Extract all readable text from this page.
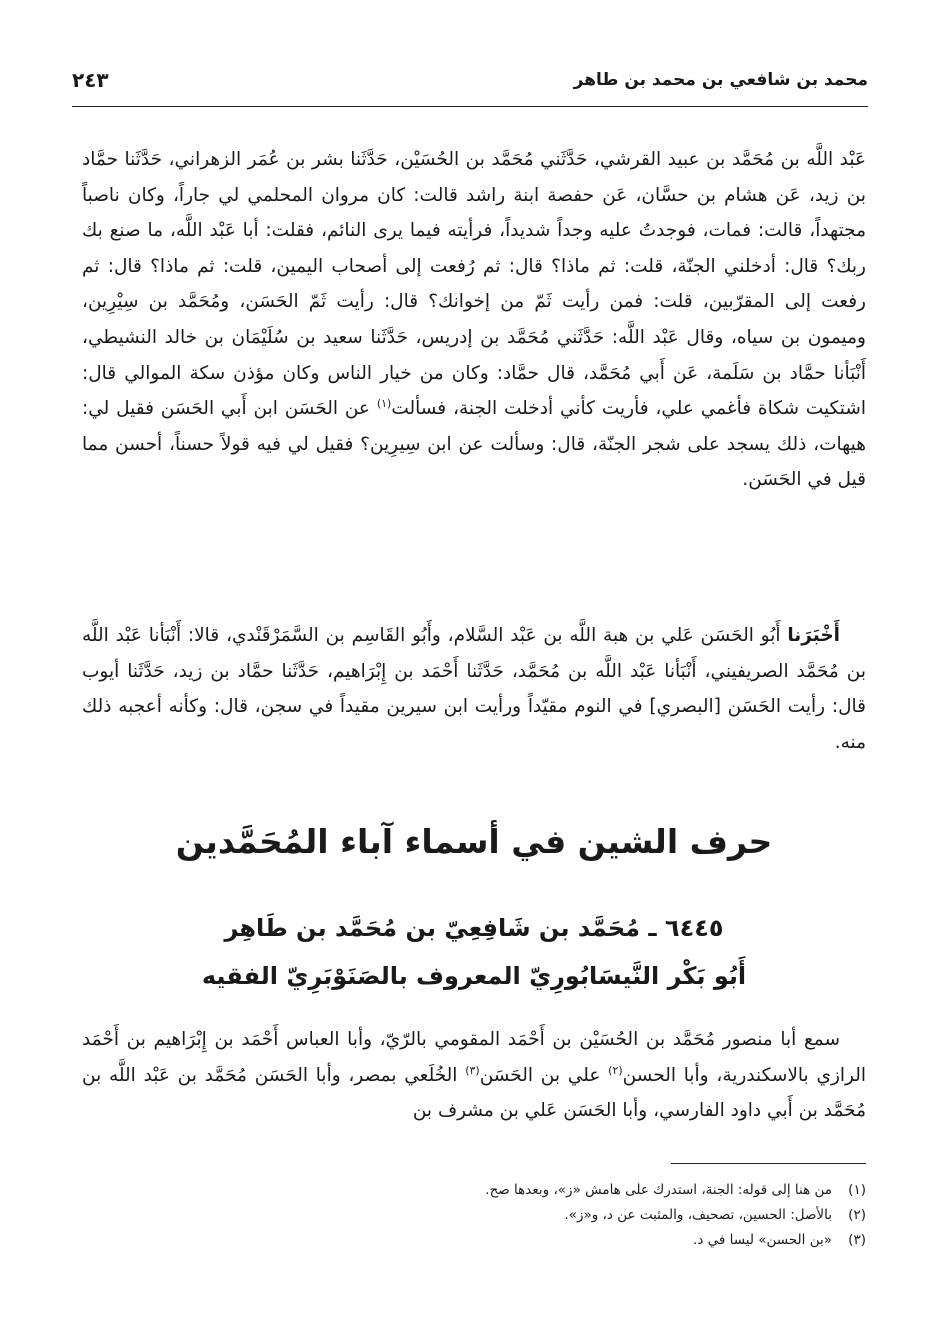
محمد بن شافعي بن محمد بن طاهر
٢٤٣

عَبْد اللَّه بن مُحَمَّد بن عبيد القرشي، حَدَّثَني مُحَمَّد بن الحُسَيْن، حَدَّثَنا بشر بن عُمَر الزهراني، حَدَّثَنا حمَّاد بن زيد، عَن هشام بن حسَّان، عَن حفصة ابنة راشد قالت: كان مروان المحلمي لي جاراً، وكان ناصباً مجتهداً، قالت: فمات، فوجدتُ عليه وجداً شديداً، فرأيته فيما يرى النائم، فقلت: أبا عَبْد اللَّه، ما صنع بك ربك؟ قال: أدخلني الجنّة، قلت: ثم ماذا؟ قال: ثم رُفعت إلى أصحاب اليمين، قلت: ثم ماذا؟ قال: ثم رفعت إلى المقرّبين، قلت: فمن رأيت ثَمّ من إخوانك؟ قال: رأيت ثَمّ الحَسَن، ومُحَمَّد بن سِيْرِين، وميمون بن سياه، وقال عَبْد اللَّه: حَدَّثَني مُحَمَّد بن إدريس، حَدَّثَنا سعيد بن سُلَيْمَان بن خالد النشيطي، أَنْبَأنا حمَّاد بن سَلَمة، عَن أَبي مُحَمَّد، قال حمَّاد: وكان من خيار الناس وكان مؤذن سكة الموالي قال: اشتكيت شكاة فأغمي علي، فأريت كأني أدخلت الجنة، فسألت$^{(١)}$ عن الحَسَن ابن أَبي الحَسَن فقيل لي: هيهات، ذلك يسجد على شجر الجنّة، قال: وسألت عن ابن سِيرِين؟ فقيل لي فيه قولاً حسناً، أحسن مما قيل في الحَسَن.

أَخْبَرَنا أَبُو الحَسَن عَلي بن هبة اللَّه بن عَبْد السَّلام، وأَبُو القَاسِم بن السَّمَرْقَنْدي، قالا: أَنْبَأنا عَبْد اللَّه بن مُحَمَّد الصريفيني، أَنْبَأنا عَبْد اللَّه بن مُحَمَّد، حَدَّثَنا أَحْمَد بن إِبْرَاهيم، حَدَّثَنا حمَّاد بن زيد، حَدَّثَنا أيوب قال: رأيت الحَسَن [البصري] في النوم مقيّداً ورأيت ابن سيرين مقيداً في سجن، قال: وكأنه أعجبه ذلك منه.

حرف الشين في أسماء آباء المُحَمَّدين
٦٤٤٥ ـ مُحَمَّد بن شَافِعِيّ بن مُحَمَّد بن طَاهِر
أَبُو بَكْر النَّيسَابُورِيّ المعروف بالصَنَوْبَرِيّ الفقيه

سمع أبا منصور مُحَمَّد بن الحُسَيْن بن أَحْمَد المقومي بالرّيّ، وأبا العباس أَحْمَد بن إِبْرَاهيم بن أَحْمَد الرازي بالاسكندرية، وأبا الحسن$^{(٢)}$ علي بن الحَسَن$^{(٣)}$ الخُلَعي بمصر، وأبا الحَسَن مُحَمَّد بن عَبْد اللَّه بن مُحَمَّد بن أَبي داود الفارسي، وأبا الحَسَن عَلي بن مشرف بن

(١)من هنا إلى قوله: الجنة، استدرك على هامش «ز»، وبعدها صح.
(٢)بالأصل: الحسين، تصحيف، والمثبت عن د، و«ز».
(٣)«بن الحسن» ليسا في د.
